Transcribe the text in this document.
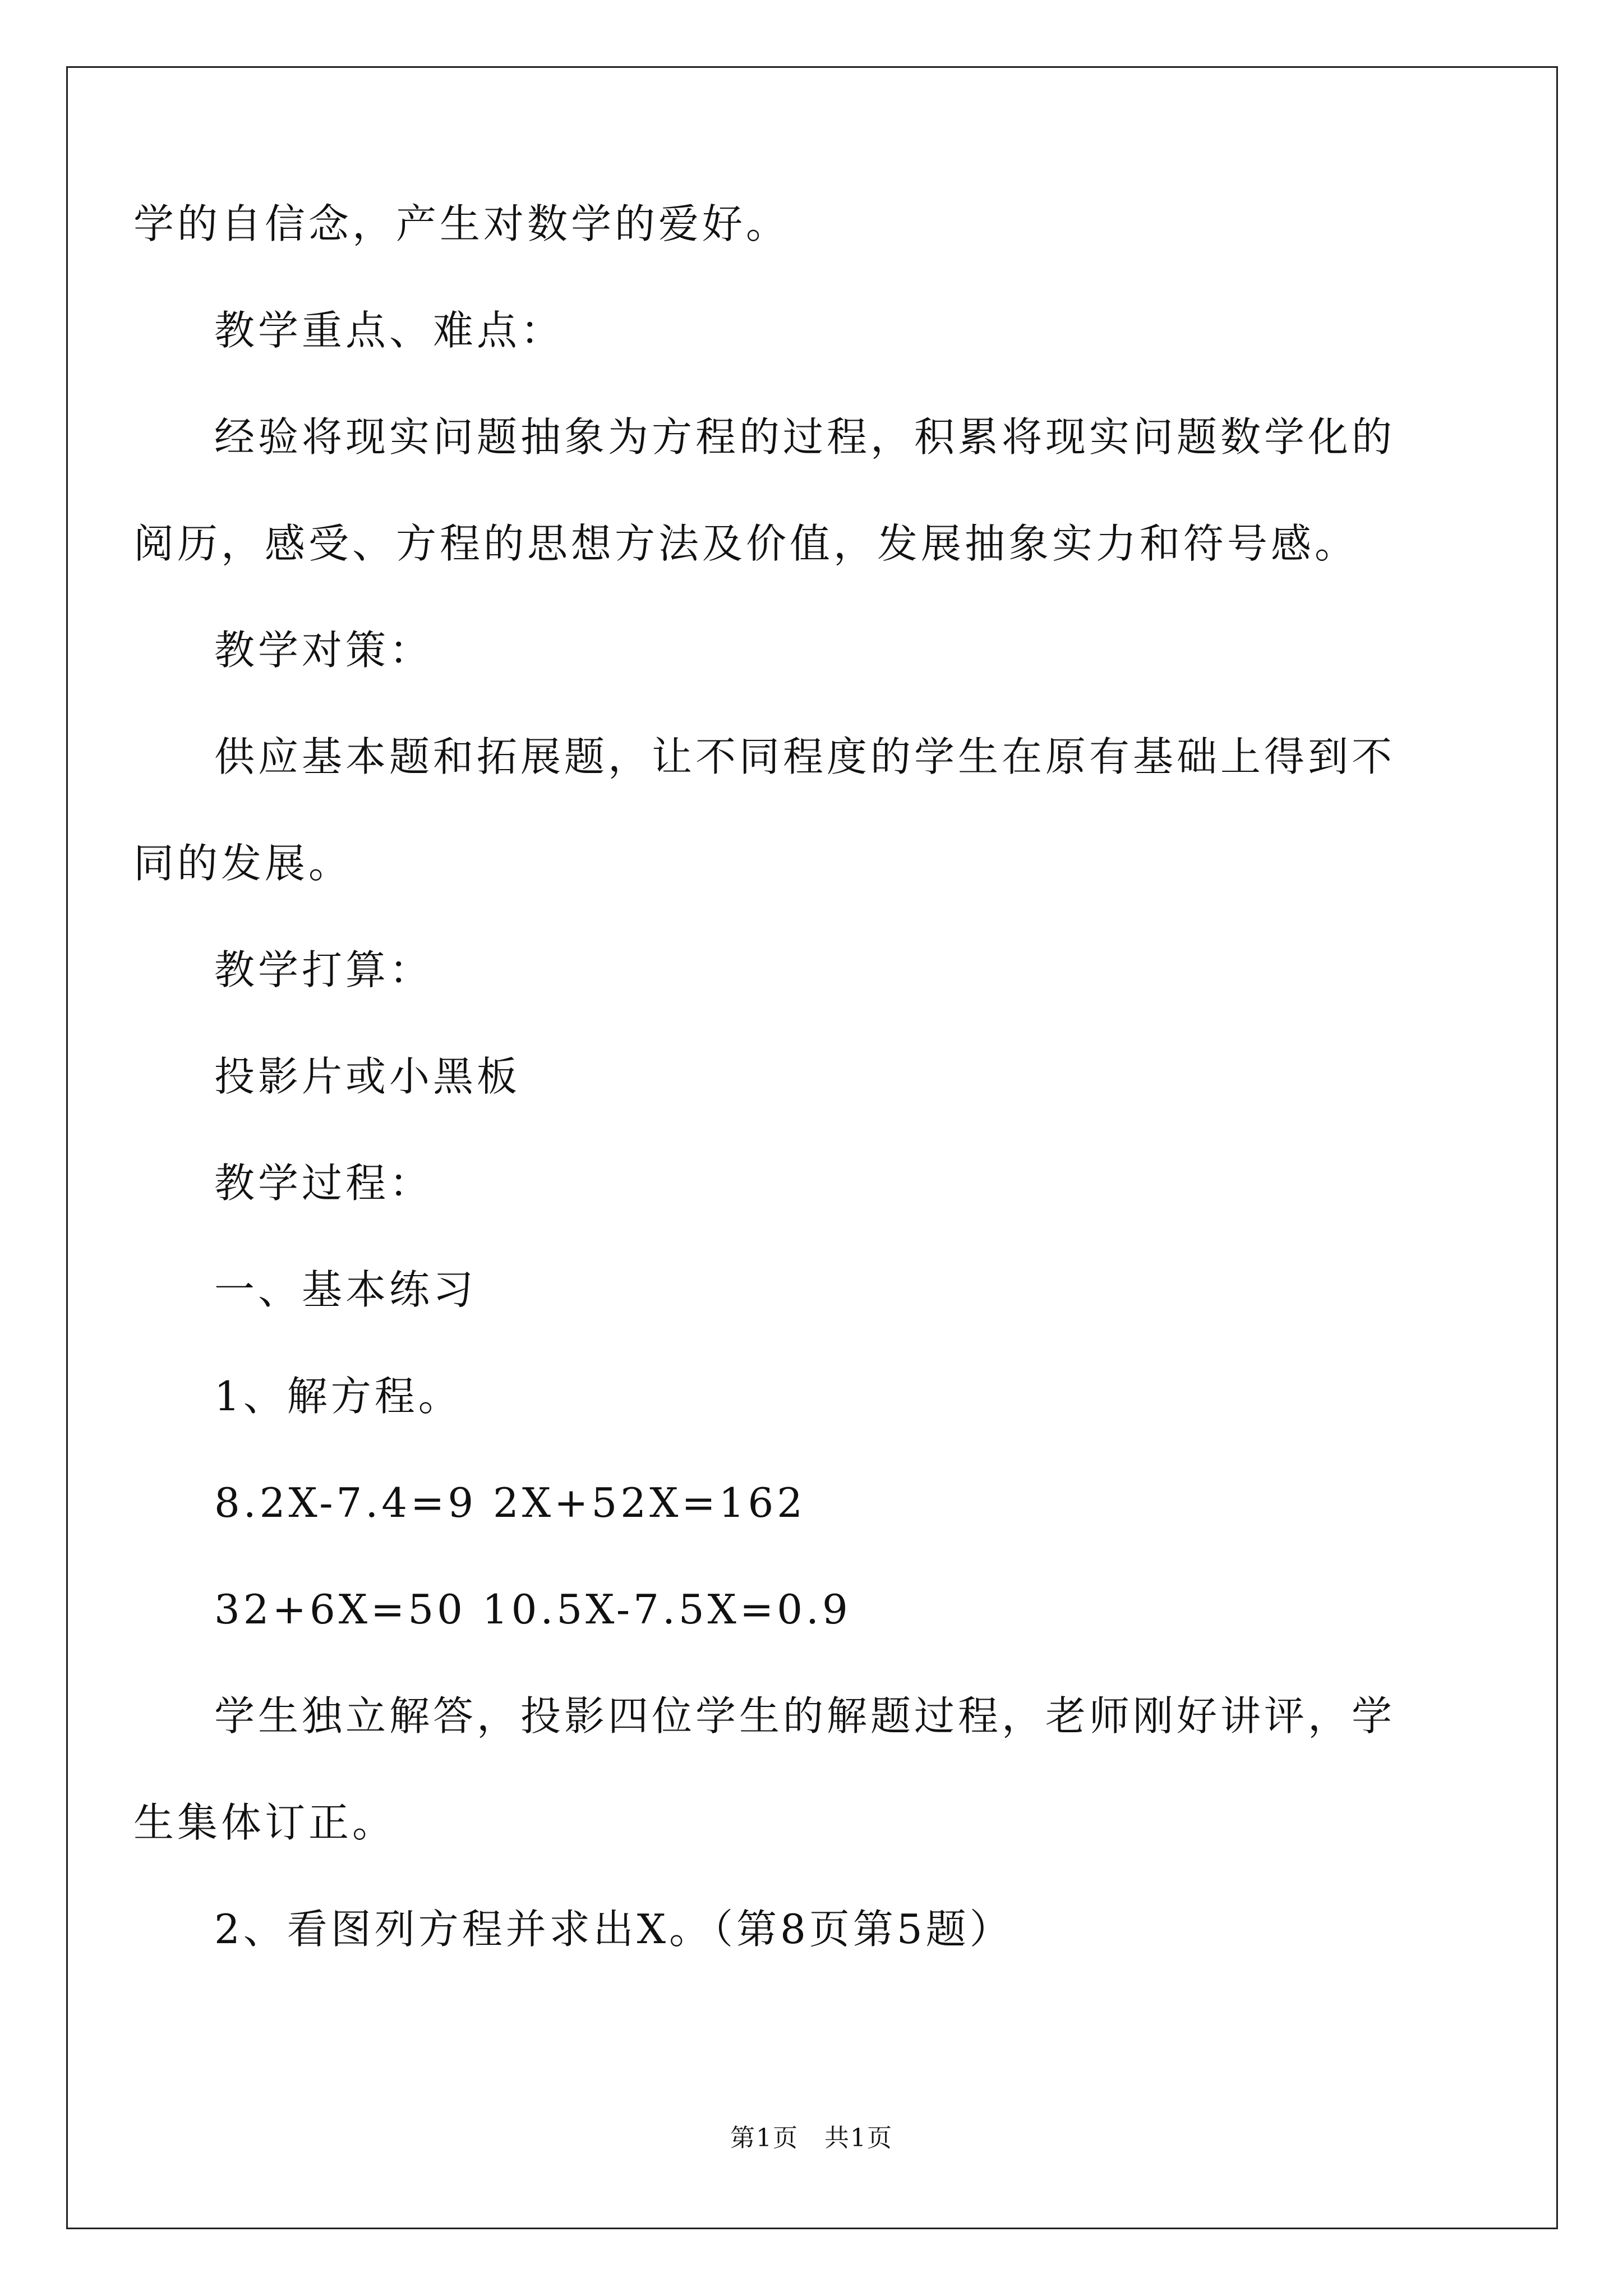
学的自信念，产生对数学的爱好。

教学重点、难点：

经验将现实问题抽象为方程的过程，积累将现实问题数学化的阅历，感受、方程的思想方法及价值，发展抽象实力和符号感。

教学对策：

供应基本题和拓展题，让不同程度的学生在原有基础上得到不同的发展。

教学打算：

投影片或小黑板

教学过程：

一、基本练习

1、解方程。

8.2X-7.4=9 2X+52X=162

32+6X=50 10.5X-7.5X=0.9

学生独立解答，投影四位学生的解题过程，老师刚好讲评，学生集体订正。

2、看图列方程并求出X。（第8页第5题）

第1页　共1页
